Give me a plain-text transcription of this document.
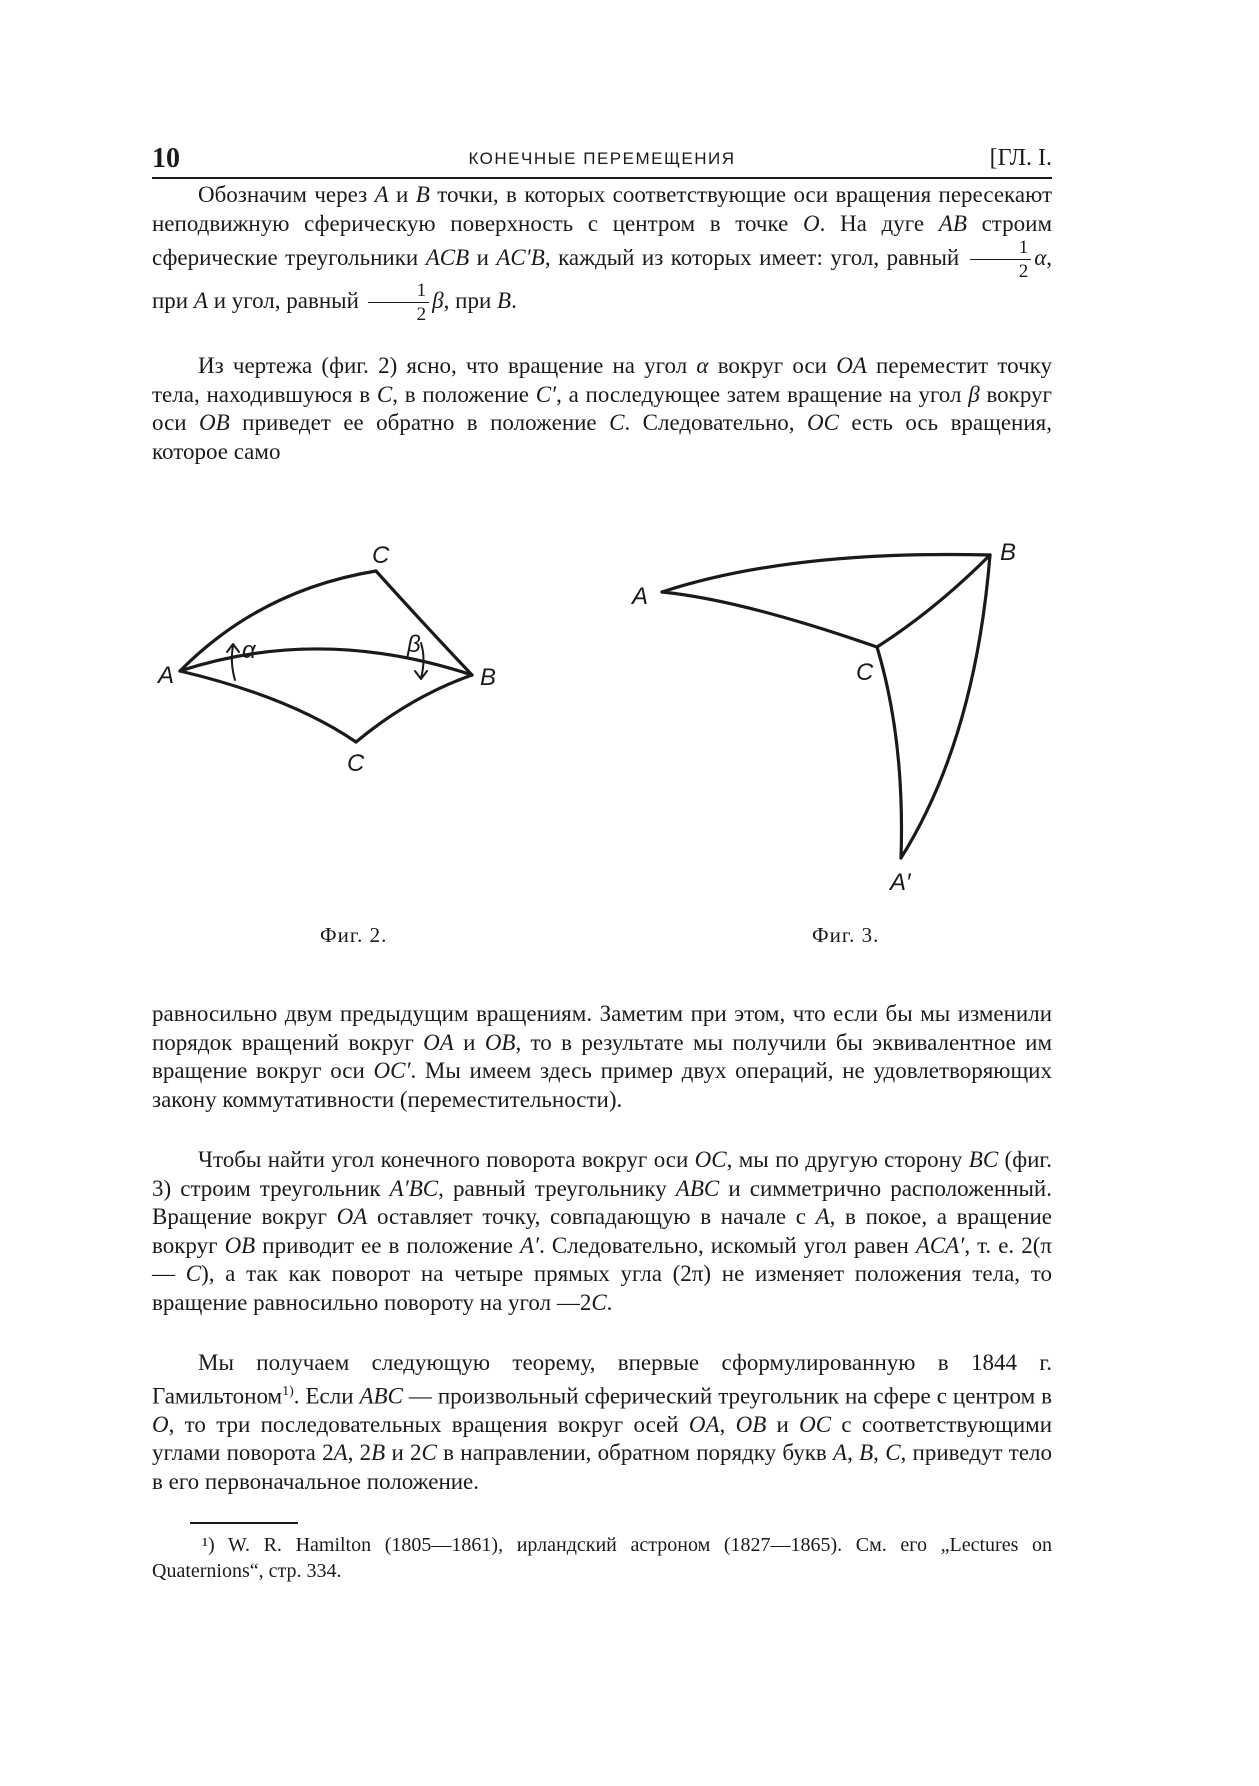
10	КОНЕЧНЫЕ ПЕРЕМЕЩЕНИЯ	[ГЛ. I.
Обозначим через A и B точки, в которых соответствующие оси вращения пересекают неподвижную сферическую поверхность с центром в точке O. На дуге AB строим сферические треугольники ACB и AC′B, каждый из которых имеет: угол, равный $\frac{1}{2} \alpha$, при A и угол, равный $\frac{1}{2} \beta$, при B.
Из чертежа (фиг. 2) ясно, что вращение на угол α вокруг оси OA переместит точку тела, находившуюся в C, в положение C′, а последующее затем вращение на угол β вокруг оси OB приведет ее обратно в положение C. Следовательно, OC есть ось вращения, которое само
A	B
C
C
α	β
A
B
C
A′
Фиг. 2.	Фиг. 3.
равносильно двум предыдущим вращениям. Заметим при этом, что если бы мы изменили порядок вращений вокруг OA и OB, то в результате мы получили бы эквивалентное им вращение вокруг оси OC′. Мы имеем здесь пример двух операций, не удовлетворяющих закону коммутативности (переместительности).
Чтобы найти угол конечного поворота вокруг оси OC, мы по другую сторону BC (фиг. 3) строим треугольник A′BC, равный треугольнику ABC и симметрично расположенный. Вращение вокруг OA оставляет точку, совпадающую в начале с A, в покое, а вращение вокруг OB приводит ее в положение A′. Следовательно, искомый угол равен ACA′, т. е. 2(π — C), а так как поворот на четыре прямых угла (2π) не изменяет положения тела, то вращение равносильно повороту на угол —2C.
Мы получаем следующую теорему, впервые сформулированную в 1844 г. Гамильтоном$^{1)}$. Если ABC — произвольный сферический треугольник на сфере с центром в O, то три последовательных вращения вокруг осей OA, OB и OC с соответствующими углами поворота 2A, 2B и 2C в направлении, обратном порядку букв A, B, C, приведут тело в его первоначальное положение.
¹) W. R. Hamilton (1805—1861), ирландский астроном (1827—1865). См. его „Lectures on Quaternions“, стр. 334.
